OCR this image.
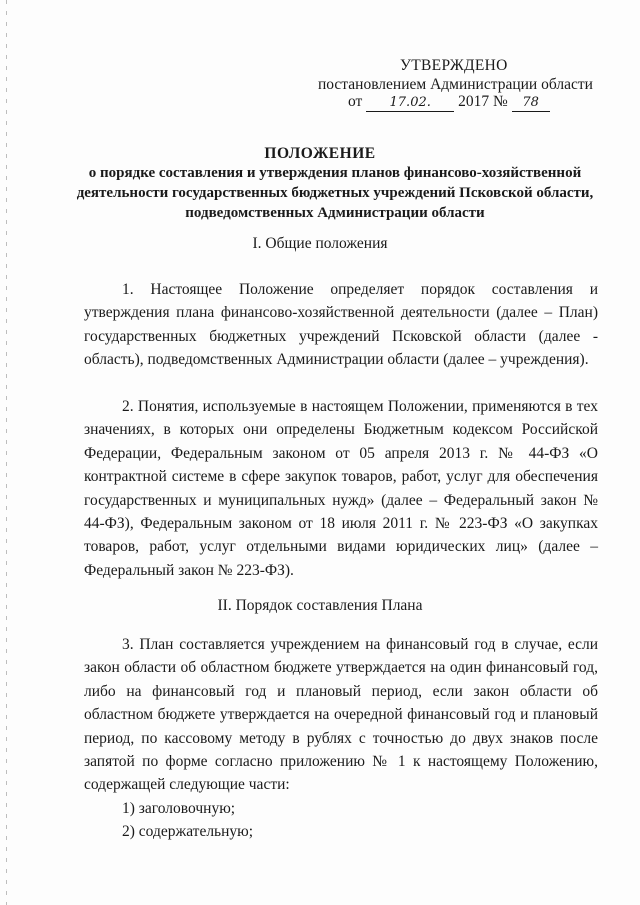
УТВЕРЖДЕНО
постановлением Администрации области
от 17.02. 2017 № 78
ПОЛОЖЕНИЕ
о порядке составления и утверждения планов финансово-хозяйственной деятельности государственных бюджетных учреждений Псковской области, подведомственных Администрации области
I. Общие положения

1. Настоящее Положение определяет порядок составления и утверждения плана финансово-хозяйственной деятельности (далее – План) государственных бюджетных учреждений Псковской области (далее - область), подведомственных Администрации области (далее – учреждения).

2. Понятия, используемые в настоящем Положении, применяются в тех значениях, в которых они определены Бюджетным кодексом Российской Федерации, Федеральным законом от 05 апреля 2013 г. № 44-ФЗ «О контрактной системе в сфере закупок товаров, работ, услуг для обеспечения государственных и муниципальных нужд» (далее – Федеральный закон № 44-ФЗ), Федеральным законом от 18 июля 2011 г. № 223-ФЗ «О закупках товаров, работ, услуг отдельными видами юридических лиц» (далее – Федеральный закон № 223-ФЗ).

II. Порядок составления Плана

3. План составляется учреждением на финансовый год в случае, если закон области об областном бюджете утверждается на один финансовый год, либо на финансовый год и плановый период, если закон области об областном бюджете утверждается на очередной финансовый год и плановый период, по кассовому методу в рублях с точностью до двух знаков после запятой по форме согласно приложению № 1 к настоящему Положению, содержащей следующие части:

1) заголовочную;
2) содержательную;
